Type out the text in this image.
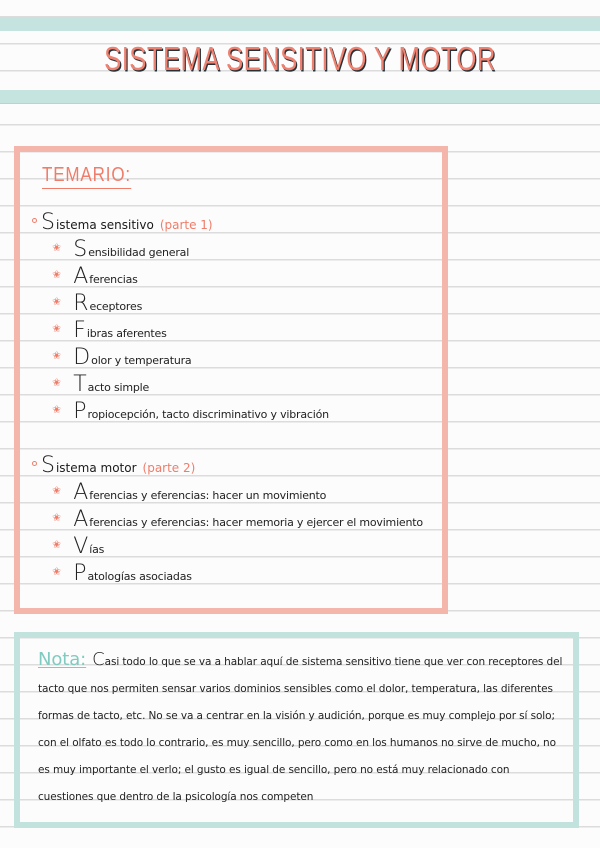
SISTEMA SENSITIVO Y MOTOR
TEMARIO:
S istema sensitivo (parte 1)
✬ S ensibilidad general
✬ A ferencias
✬ R eceptores
✬ F ibras aferentes
✬ D olor y temperatura
✬ T acto simple
✬ P ropiocepción, tacto discriminativo y vibración
S istema motor (parte 2)
✬ A ferencias y eferencias: hacer un movimiento
✬ A ferencias y eferencias: hacer memoria y ejercer el movimiento
✬ V ías
✬ P atologías asociadas

Nota: Casi todo lo que se va a hablar aquí de sistema sensitivo tiene que ver con receptores del tacto que nos permiten sensar varios dominios sensibles como el dolor, temperatura, las diferentes formas de tacto, etc. No se va a centrar en la visión y audición, porque es muy complejo por sí solo; con el olfato es todo lo contrario, es muy sencillo, pero como en los humanos no sirve de mucho, no es muy importante el verlo; el gusto es igual de sencillo, pero no está muy relacionado con cuestiones que dentro de la psicología nos competen
